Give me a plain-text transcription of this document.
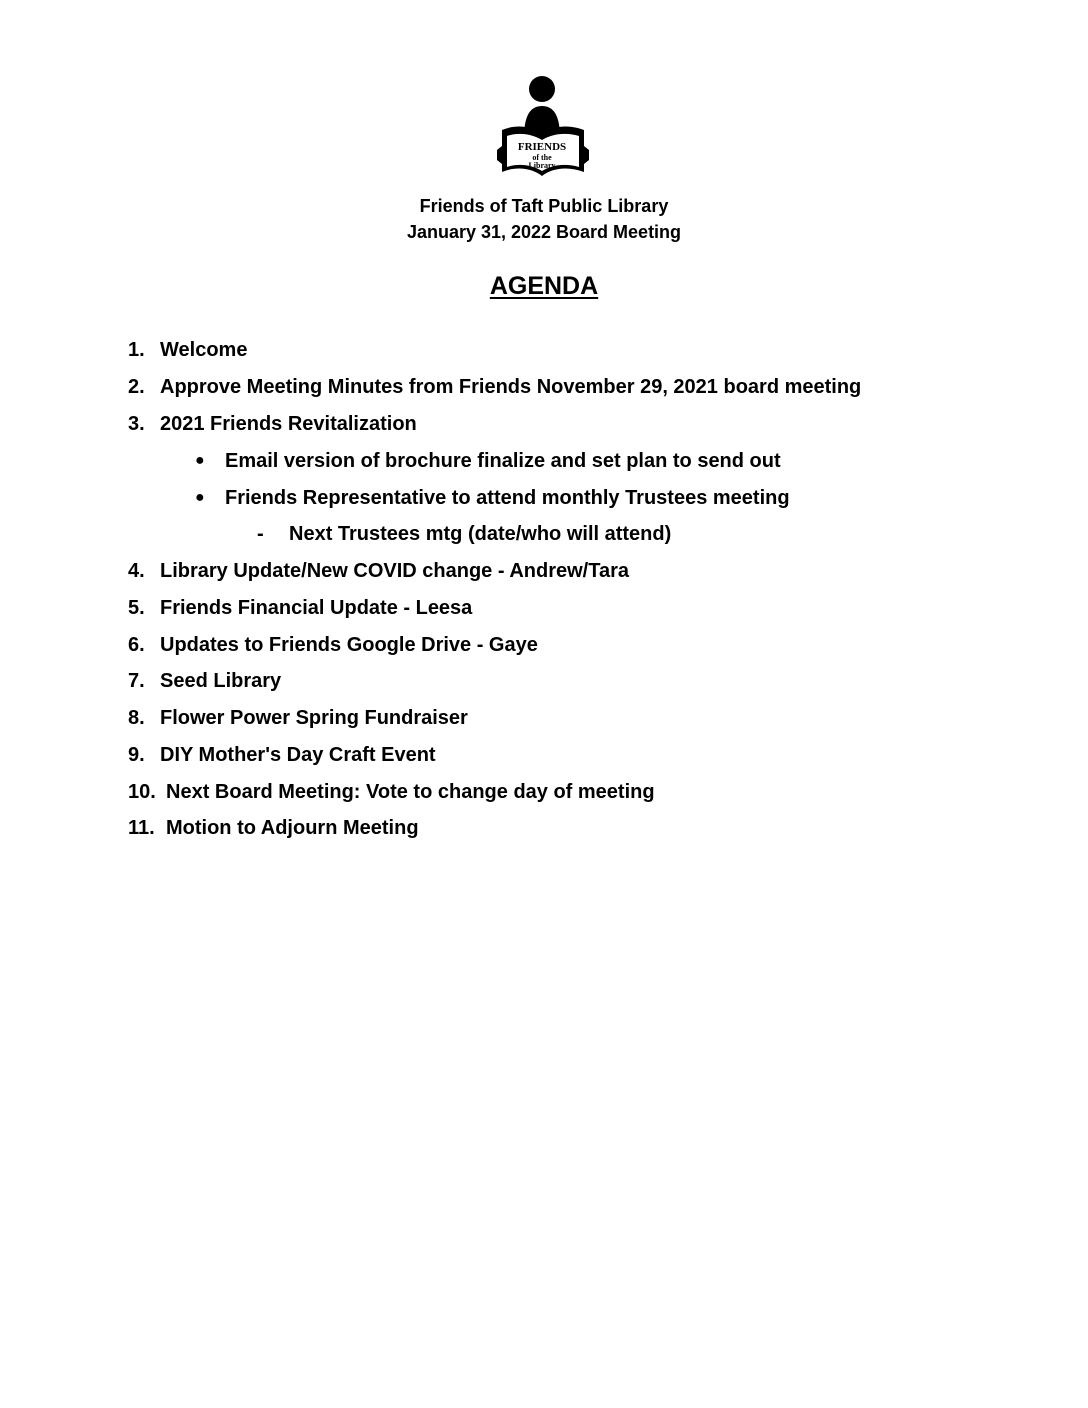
FRIENDS
of the
Library
Friends of Taft Public Library
January 31, 2022 Board Meeting
AGENDA
1. Welcome
2. Approve Meeting Minutes from Friends November 29, 2021 board meeting
3. 2021 Friends Revitalization
● Email version of brochure finalize and set plan to send out
● Friends Representative to attend monthly Trustees meeting
- Next Trustees mtg (date/who will attend)
4. Library Update/New COVID change - Andrew/Tara
5. Friends Financial Update - Leesa
6. Updates to Friends Google Drive - Gaye
7. Seed Library
8. Flower Power Spring Fundraiser
9. DIY Mother's Day Craft Event
10. Next Board Meeting: Vote to change day of meeting
11. Motion to Adjourn Meeting
